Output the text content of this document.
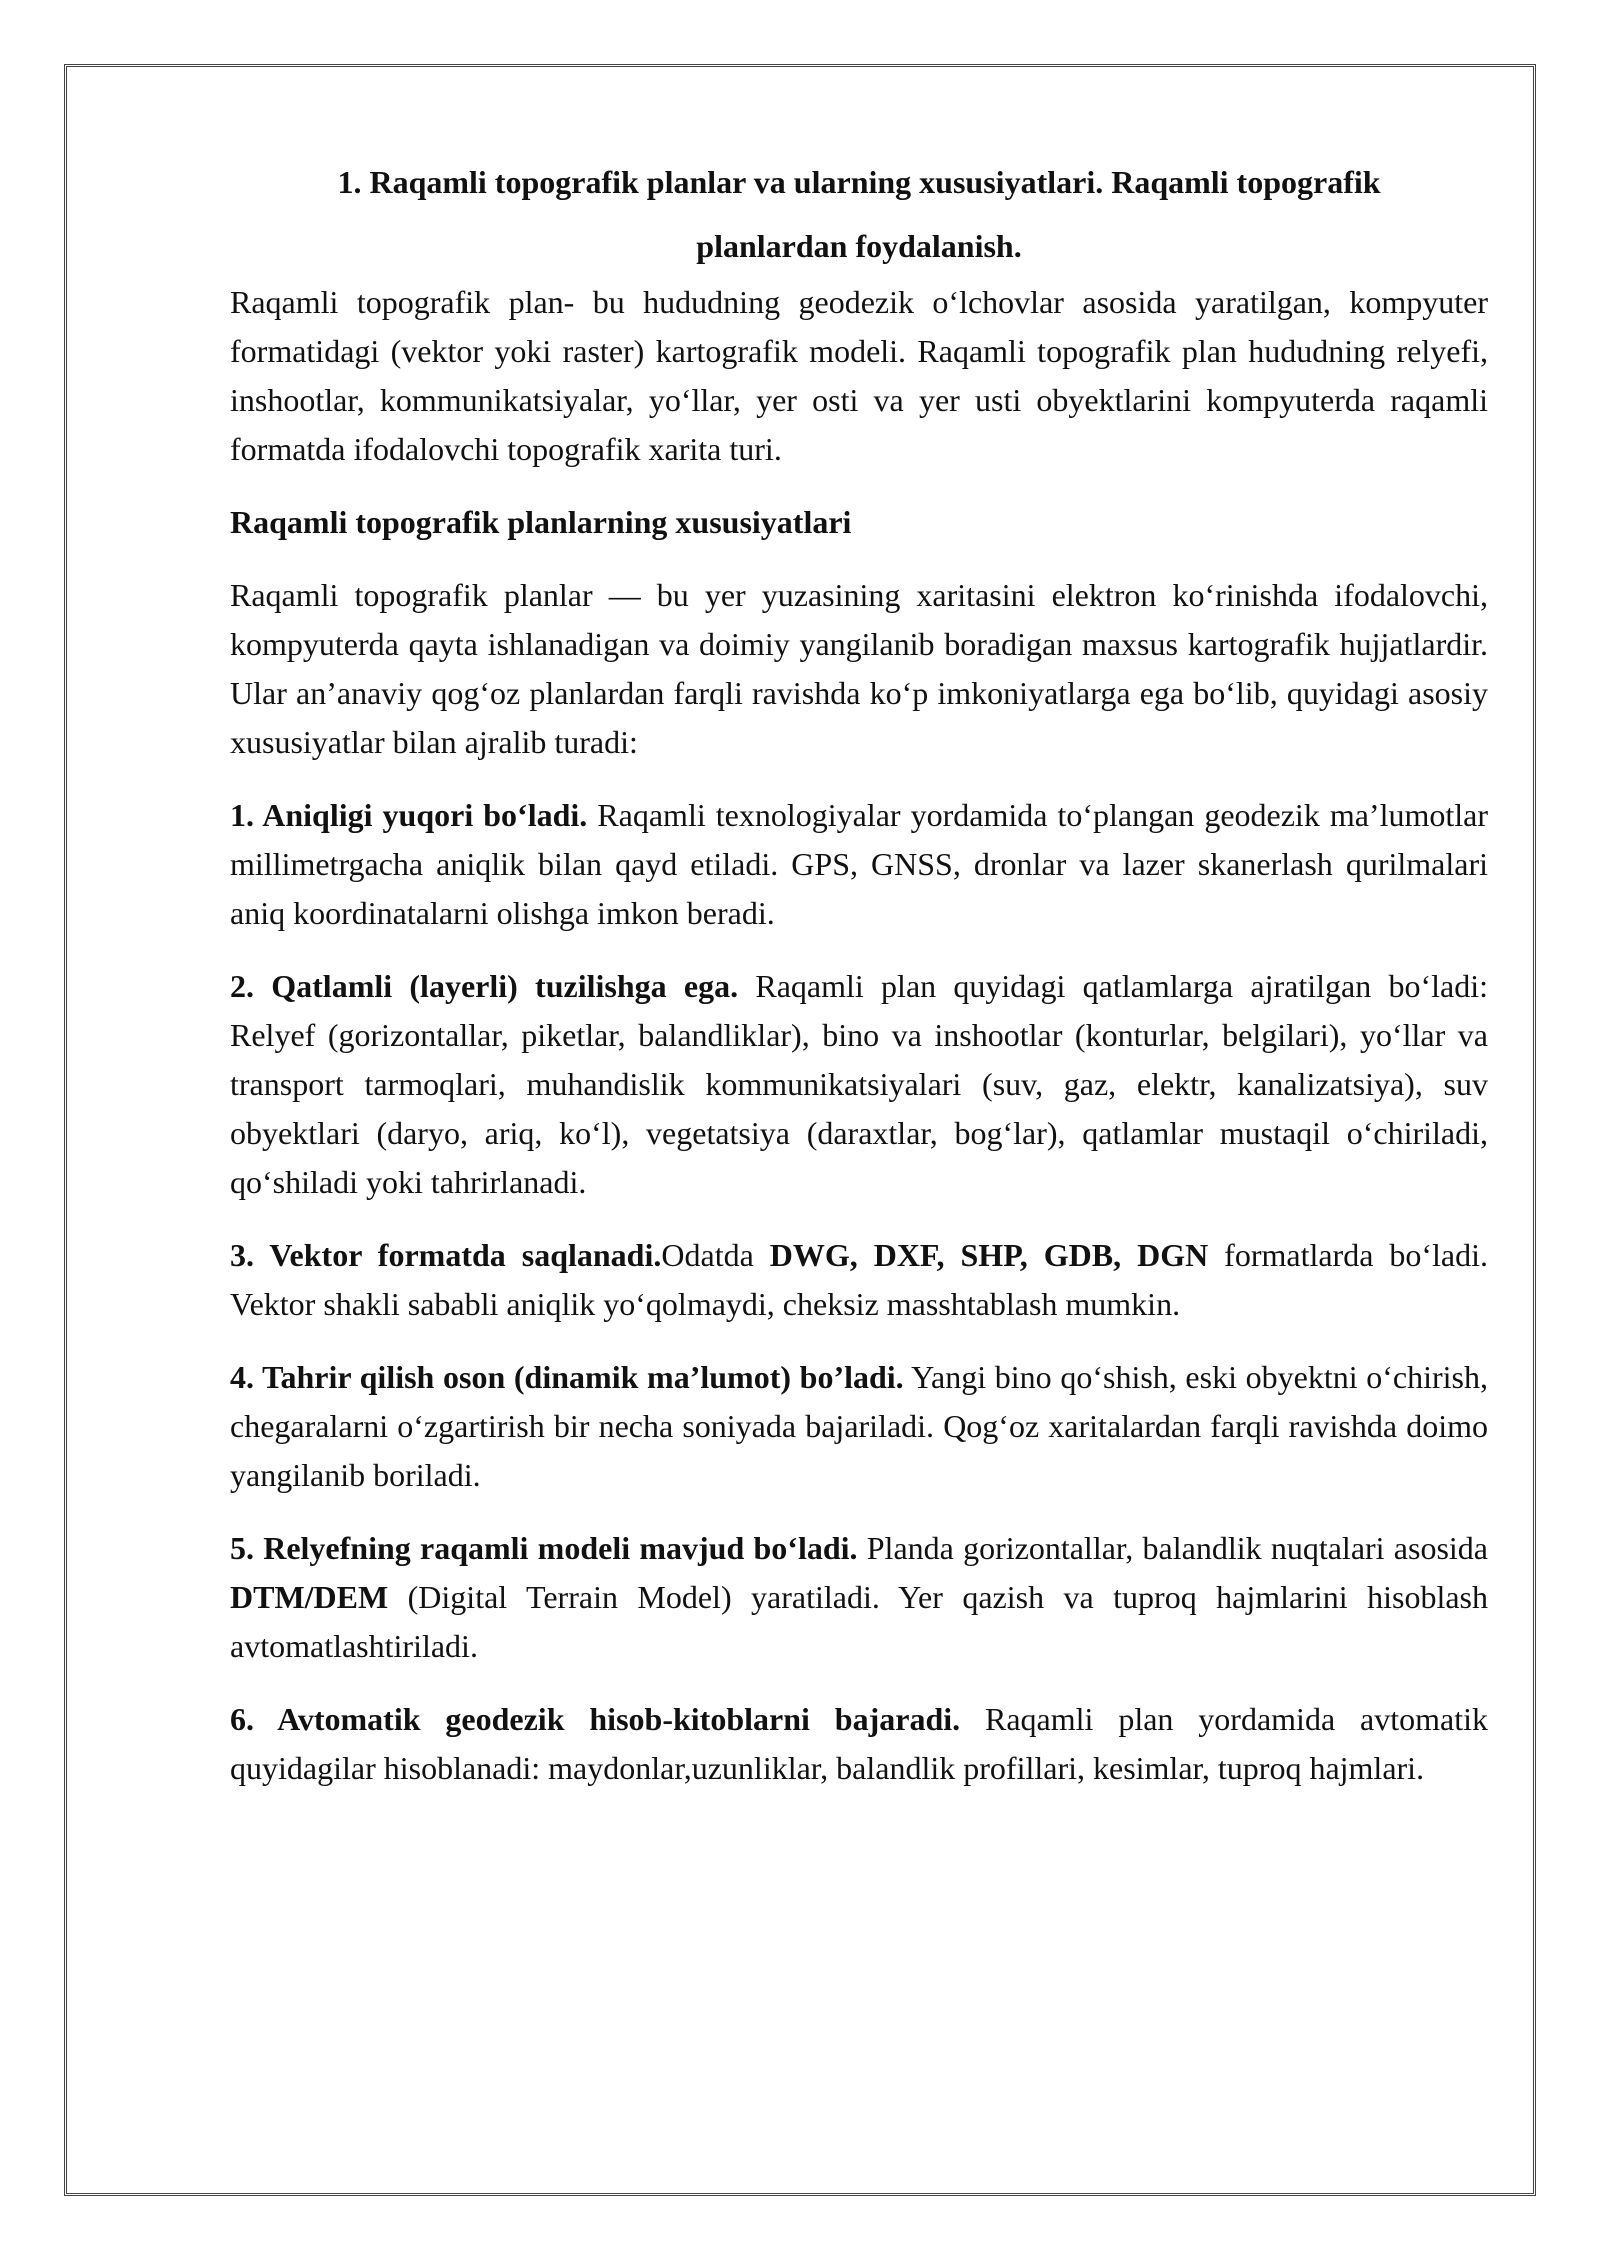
1. Raqamli topografik planlar va ularning xususiyatlari. Raqamli topografik
planlardan foydalanish.

Raqamli topografik plan- bu hududning geodezik o‘lchovlar asosida yaratilgan, kompyuter formatidagi (vektor yoki raster) kartografik modeli. Raqamli topografik plan hududning relyefi, inshootlar, kommunikatsiyalar, yo‘llar, yer osti va yer usti obyektlarini kompyuterda raqamli formatda ifodalovchi topografik xarita turi.

Raqamli topografik planlarning xususiyatlari

Raqamli topografik planlar — bu yer yuzasining xaritasini elektron ko‘rinishda ifodalovchi, kompyuterda qayta ishlanadigan va doimiy yangilanib boradigan maxsus kartografik hujjatlardir. Ular an’anaviy qog‘oz planlardan farqli ravishda ko‘p imkoniyatlarga ega bo‘lib, quyidagi asosiy xususiyatlar bilan ajralib turadi:

1. Aniqligi yuqori bo‘ladi. Raqamli texnologiyalar yordamida to‘plangan geodezik ma’lumotlar millimetrgacha aniqlik bilan qayd etiladi. GPS, GNSS, dronlar va lazer skanerlash qurilmalari aniq koordinatalarni olishga imkon beradi.

2. Qatlamli (layerli) tuzilishga ega. Raqamli plan quyidagi qatlamlarga ajratilgan bo‘ladi: Relyef (gorizontallar, piketlar, balandliklar), bino va inshootlar (konturlar, belgilari), yo‘llar va transport tarmoqlari, muhandislik kommunikatsiyalari (suv, gaz, elektr, kanalizatsiya), suv obyektlari (daryo, ariq, ko‘l), vegetatsiya (daraxtlar, bog‘lar), qatlamlar mustaqil o‘chiriladi, qo‘shiladi yoki tahrirlanadi.

3. Vektor formatda saqlanadi.Odatda DWG, DXF, SHP, GDB, DGN formatlarda bo‘ladi. Vektor shakli sababli aniqlik yo‘qolmaydi, cheksiz masshtablash mumkin.

4. Tahrir qilish oson (dinamik ma’lumot) bo’ladi. Yangi bino qo‘shish, eski obyektni o‘chirish, chegaralarni o‘zgartirish bir necha soniyada bajariladi. Qog‘oz xaritalardan farqli ravishda doimo yangilanib boriladi.

5. Relyefning raqamli modeli mavjud bo‘ladi. Planda gorizontallar, balandlik nuqtalari asosida DTM/DEM (Digital Terrain Model) yaratiladi. Yer qazish va tuproq hajmlarini hisoblash avtomatlashtiriladi.

6. Avtomatik geodezik hisob-kitoblarni bajaradi. Raqamli plan yordamida avtomatik quyidagilar hisoblanadi: maydonlar,uzunliklar, balandlik profillari, kesimlar, tuproq hajmlari.
